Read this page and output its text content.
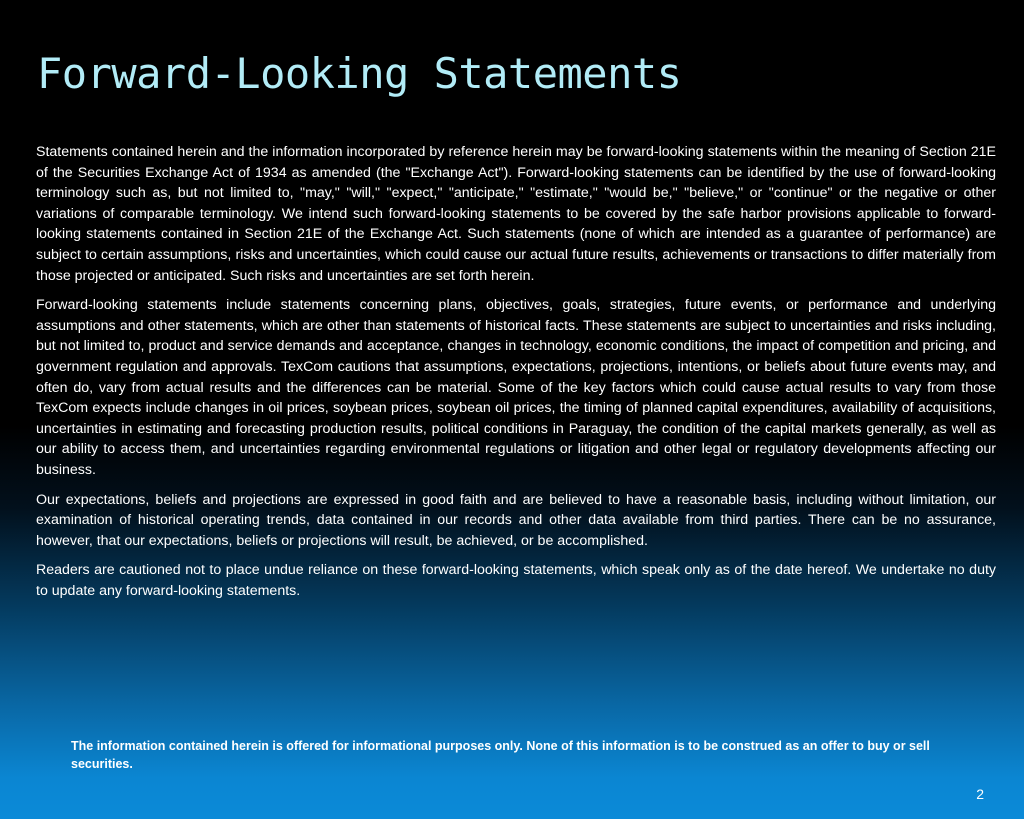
Forward-Looking Statements

Statements contained herein and the information incorporated by reference herein may be forward-looking statements within the meaning of Section 21E of the Securities Exchange Act of 1934 as amended (the "Exchange Act"). Forward-looking statements can be identified by the use of forward-looking terminology such as, but not limited to, "may," "will," "expect," "anticipate," "estimate," "would be," "believe," or "continue" or the negative or other variations of comparable terminology. We intend such forward-looking statements to be covered by the safe harbor provisions applicable to forward-looking statements contained in Section 21E of the Exchange Act. Such statements (none of which are intended as a guarantee of performance) are subject to certain assumptions, risks and uncertainties, which could cause our actual future results, achievements or transactions to differ materially from those projected or anticipated. Such risks and uncertainties are set forth herein.

Forward-looking statements include statements concerning plans, objectives, goals, strategies, future events, or performance and underlying assumptions and other statements, which are other than statements of historical facts. These statements are subject to uncertainties and risks including, but not limited to, product and service demands and acceptance, changes in technology, economic conditions, the impact of competition and pricing, and government regulation and approvals. TexCom cautions that assumptions, expectations, projections, intentions, or beliefs about future events may, and often do, vary from actual results and the differences can be material. Some of the key factors which could cause actual results to vary from those TexCom expects include changes in oil prices, soybean prices, soybean oil prices, the timing of planned capital expenditures, availability of acquisitions, uncertainties in estimating and forecasting production results, political conditions in Paraguay, the condition of the capital markets generally, as well as our ability to access them, and uncertainties regarding environmental regulations or litigation and other legal or regulatory developments affecting our business.

Our expectations, beliefs and projections are expressed in good faith and are believed to have a reasonable basis, including without limitation, our examination of historical operating trends, data contained in our records and other data available from third parties. There can be no assurance, however, that our expectations, beliefs or projections will result, be achieved, or be accomplished.

Readers are cautioned not to place undue reliance on these forward-looking statements, which speak only as of the date hereof. We undertake no duty to update any forward-looking statements.

The information contained herein is offered for informational purposes only. None of this information is to be construed as an offer to buy or sell securities.

2
